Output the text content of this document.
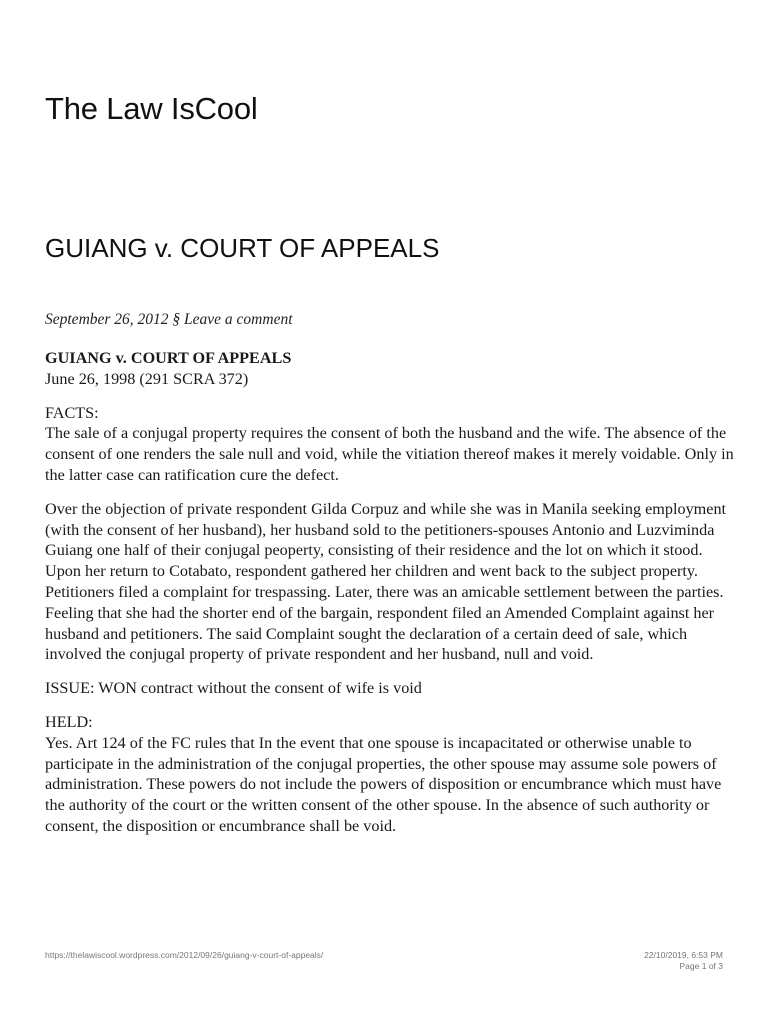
The Law IsCool
GUIANG v. COURT OF APPEALS
September 26, 2012 § Leave a comment

GUIANG v. COURT OF APPEALS
June 26, 1998 (291 SCRA 372)

FACTS:
The sale of a conjugal property requires the consent of both the husband and the wife. The absence of the consent of one renders the sale null and void, while the vitiation thereof makes it merely voidable. Only in the latter case can ratification cure the defect.

Over the objection of private respondent Gilda Corpuz and while she was in Manila seeking employment (with the consent of her husband), her husband sold to the petitioners-spouses Antonio and Luzviminda Guiang one half of their conjugal peoperty, consisting of their residence and the lot on which it stood. Upon her return to Cotabato, respondent gathered her children and went back to the subject property. Petitioners filed a complaint for trespassing. Later, there was an amicable settlement between the parties. Feeling that she had the shorter end of the bargain, respondent filed an Amended Complaint against her husband and petitioners. The said Complaint sought the declaration of a certain deed of sale, which involved the conjugal property of private respondent and her husband, null and void.

ISSUE: WON contract without the consent of wife is void

HELD:
Yes. Art 124 of the FC rules that In the event that one spouse is incapacitated or otherwise unable to participate in the administration of the conjugal properties, the other spouse may assume sole powers of administration. These powers do not include the powers of disposition or encumbrance which must have the authority of the court or the written consent of the other spouse. In the absence of such authority or consent, the disposition or encumbrance shall be void.

https://thelawiscool.wordpress.com/2012/09/26/guiang-v-court-of-appeals/	22/10/2019, 6:53 PM
Page 1 of 3
